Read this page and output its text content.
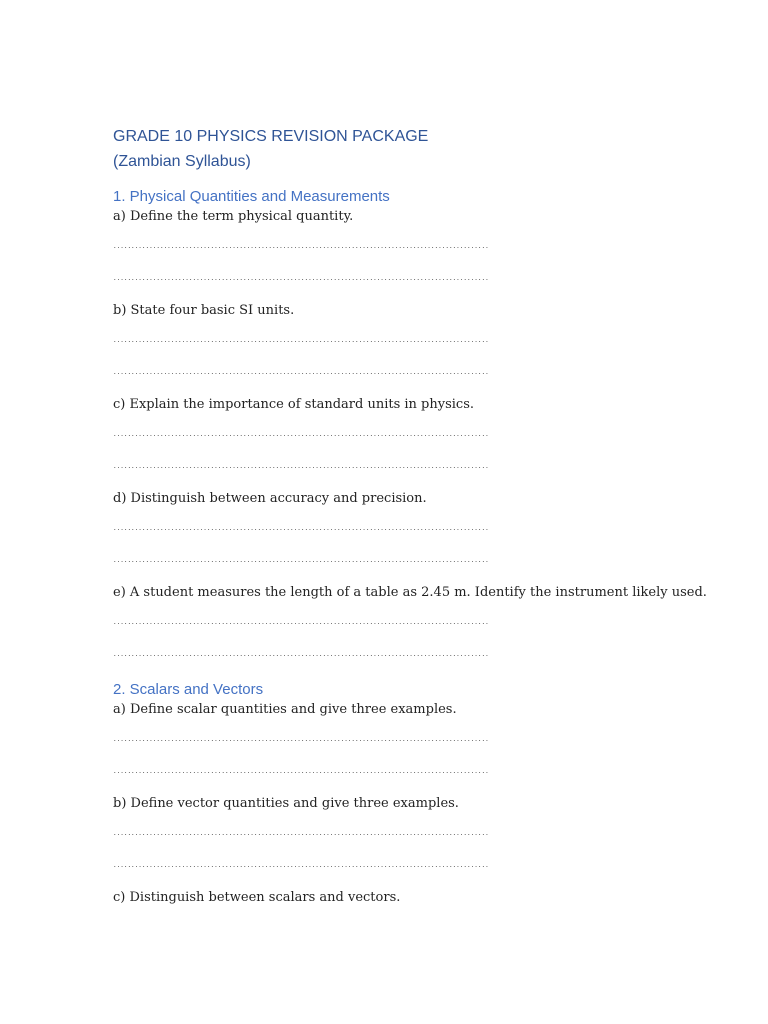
GRADE 10 PHYSICS REVISION PACKAGE

(Zambian Syllabus)

1. Physical Quantities and Measurements

a) Define the term physical quantity.

........................................................................................................

........................................................................................................

b) State four basic SI units.

........................................................................................................

........................................................................................................

c) Explain the importance of standard units in physics.

........................................................................................................

........................................................................................................

d) Distinguish between accuracy and precision.

........................................................................................................

........................................................................................................

e) A student measures the length of a table as 2.45 m. Identify the instrument likely used.

........................................................................................................

........................................................................................................

2. Scalars and Vectors

a) Define scalar quantities and give three examples.

........................................................................................................

........................................................................................................

b) Define vector quantities and give three examples.

........................................................................................................

........................................................................................................

c) Distinguish between scalars and vectors.
